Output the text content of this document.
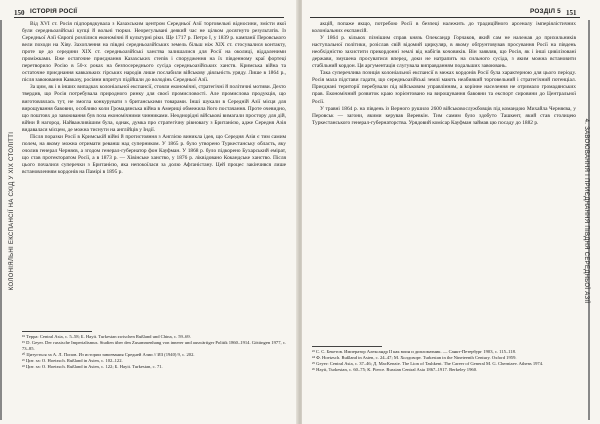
150 ІСТОРІЯ РОСІЇ
КОЛОНІЯЛЬНІ ЕКСПАНСІЇ НА СХІД У XIX СТОЛІТТІ

Від XVI ст. Росія підпорядкувала з Казахським центром Середньої Азії торговельні відносини, змісти якої були середньоазійські купці й вольні тюрки. Неорегульвані деякий час не цілком досягнуто результатів. Із Середньої Азії Європі розлілися економічні й культурні ріки. Ще 1717 р. Петро I, у 1839 р. кампанії Перовського вели походи на Хіву. Захоплення на півдні середньоазійських земель більш ніж XIX ст. стосувалися контакту, проте це до середини XIX ст. середньоазійські ханства залишалися для Росії на околиці, віддаленими проміжками. Вже остаточне приєднання Казахських степів і спорудження на їх південному краї фортеці перетворило Росію в 50-х роках на безпосереднього сусіда середньоазійських ханств. Кримська війна та остаточне приєднання кавказьких гірських народів лише послабили військову діяльність уряду. Лише в 1864 р., після завоювання Кавказу, росіяни впритул підійшли до володінь Середньої Азії.

За цим, як і в інших випадках колоніальної експансії, стояли економічні, стратегічні й політичні мотиви. Дехто твердив, що Росія потребувала природного ринку для своєї промисловості. Але промислова продукція, що виготовлялась тут, не змогла конкурувати з британськими товарами. Інші шукали в Середній Азії місця для вирощування бавовни, особливо коли Громадянська війна в Америці обмежила його постачання. Проте очевидно, що поштовх до завоювання був поза економічними чинниками. Неоднорідні військові вимагали простору для дій, війни й нагород. Найважливішим була, однак, думка про стратегічну рівновагу з Британією, адже Середня Азія видавалася місцем, де можна тиснути на англійців у Індії.

Після поразки Росії в Кримській війні й протистояння з Англією виникла ідея, що Середня Азія є тим самим полем, на якому можна отримати реванш над суперником. У 1865 р. було утворено Туркестанську область, яку очолив генерал Черняєв, а згодом генерал-губернатор фон Кауфман. У 1868 р. було підкорено Бухарський емірат, що став протекторатом Росії, а в 1873 р. — Хівінське ханство, у 1876 р. ліквідовано Кокандське ханство. Після цього почалися суперечки з Британією, яка непокоїлася за долю Афганістану. Цей процес закінчився лише встановленням кордонів на Памірі в 1895 р.

¹⁸ Терра: Central Asia, с. 5–58; Б. Hayit. Turkestan zwischen Rußland und China, с. 59–69.
¹⁹ D. Geyer. Der russische Imperialismus. Studien über den Zusammenhang von innerer und auswärtiger Politik 1860–1914. Göttingen 1977, с. 73–85.
²⁰ Цитується за А. Л. Попов. Из истории завоевания Средней Азии // ИЗ (1940) 9, с. 202.
²¹ Цит. за: О. Hoetzsch. Rußland in Asien, с. 102–122.
²² Цит. за: О. Hoetzsch. Rußland in Asien, с. 122; Б. Hayit. Turkestan, с. 71.
151
РОЗДІЛ 5
4. ЗАВОЮВАННЯ І ПРИЄДНАННЯ ПІВДНЯ СЕРЕДНЬОЇ АЗІЇ

акцій, попаже якщо, потребою Росії в безпеці належить до традиційного арсеналу імперіялістичних колоніальних експансій.

У 1864 р. кількох пізнішим справ князь Олександр Горчаков, який сам не належав до прихильників наступальної політики, розіслав свій відомий циркуляр, в якому обґрунтовував просування Росії на південь необхідністю захистити прикордонні землі від набігів кочовиків. Він заявляв, що Росія, як і інші цивілізовані держави, змушена просуватися вперед, доки не натрапить на сильного сусіда, з яким можна встановити стабільний кордон. Ця аргументація слугувала виправданням подальших завоювань.

Така суперечлива позиція колоніальної експансії в межах кордонів Росії була характерною для цього періоду. Росія мала підстави гадати, що середньоазійські землі мають неабиякий торговельний і стратегічний потенціал. Приєднані території перебували під військовим управлінням, а корінне населення не отримало громадянських прав. Економічний розвиток краю зорієнтовано на вирощування бавовни та експорт сировини до Центральної Росії.

У травні 1864 р. на південь із Верного рушило 2600 військовослужбовців під командою Михайла Черняєва, у Перовськ — загони, якими керував Веревкін. Тим самим було здобуто Ташкент, який став столицею Туркестанського генерал-губернаторства. Урядовий комісар Кауфман займав цю посаду до 1882 р.

²³ С. С. Бекетов. Император Александр II как воин и дипломатник. — Санкт-Петербург 1903, с. 115–118.
²⁴ Ф. Hoetzsch. Rußland in Asien, с. 24–47; М. Холдсворт. Turkestan in the Nineteenth Century. Oxford 1959.
²⁵ Geyer: Central Asia, с. 37–46; Д. MacKenzie. The Lion of Tashkent. The Career of General M. G. Cherniaev. Athens 1974.
²⁶ Hayit, Turkestan, с. 60–75; К. Pierce. Russian Central Asia 1867–1917. Berkeley 1960.
